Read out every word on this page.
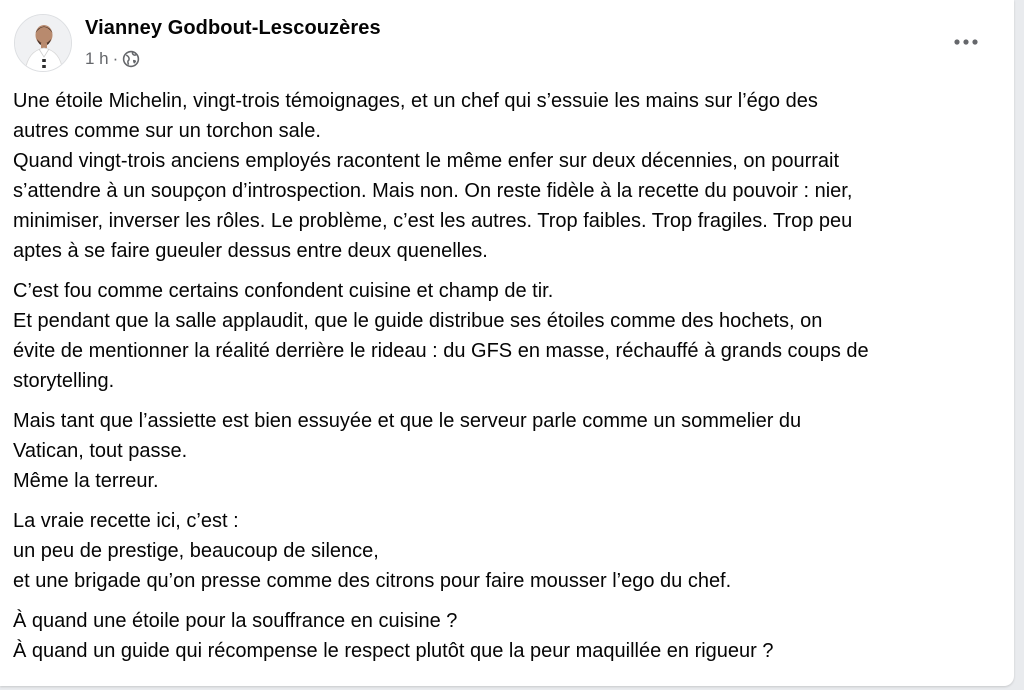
Vianney Godbout-Lescouzères
1 h ·

Une étoile Michelin, vingt-trois témoignages, et un chef qui s’essuie les mains sur l’égo des
autres comme sur un torchon sale.
Quand vingt-trois anciens employés racontent le même enfer sur deux décennies, on pourrait
s’attendre à un soupçon d’introspection. Mais non. On reste fidèle à la recette du pouvoir : nier,
minimiser, inverser les rôles. Le problème, c’est les autres. Trop faibles. Trop fragiles. Trop peu
aptes à se faire gueuler dessus entre deux quenelles.

C’est fou comme certains confondent cuisine et champ de tir.
Et pendant que la salle applaudit, que le guide distribue ses étoiles comme des hochets, on
évite de mentionner la réalité derrière le rideau : du GFS en masse, réchauffé à grands coups de
storytelling.

Mais tant que l’assiette est bien essuyée et que le serveur parle comme un sommelier du
Vatican, tout passe.
Même la terreur.

La vraie recette ici, c’est :
un peu de prestige, beaucoup de silence,
et une brigade qu’on presse comme des citrons pour faire mousser l’ego du chef.

À quand une étoile pour la souffrance en cuisine ?
À quand un guide qui récompense le respect plutôt que la peur maquillée en rigueur ?
